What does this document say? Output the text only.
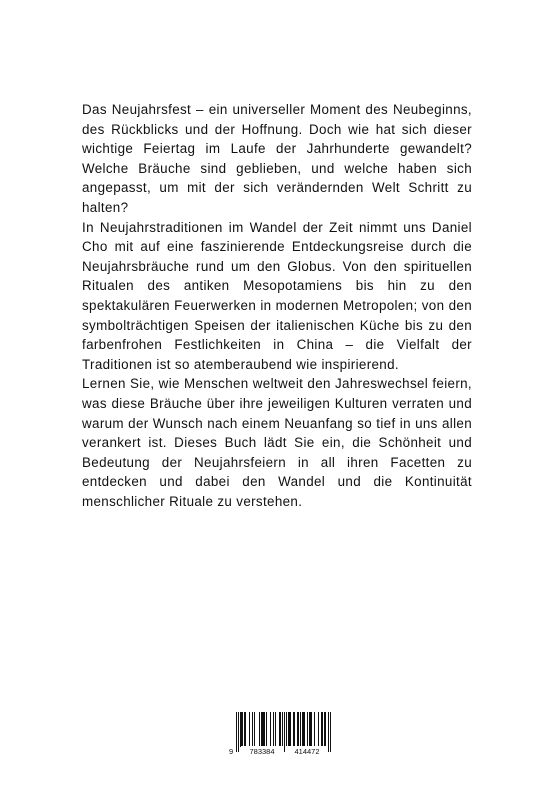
Das Neujahrsfest – ein universeller Moment des Neubeginns, des Rückblicks und der Hoffnung. Doch wie hat sich dieser wichtige Feiertag im Laufe der Jahrhunderte gewandelt? Welche Bräuche sind geblieben, und welche haben sich angepasst, um mit der sich verändernden Welt Schritt zu halten?

In Neujahrstraditionen im Wandel der Zeit nimmt uns Daniel Cho mit auf eine faszinierende Entdeckungsreise durch die Neujahrsbräuche rund um den Globus. Von den spirituellen Ritualen des antiken Mesopotamiens bis hin zu den spektakulären Feuerwerken in modernen Metropolen; von den symbolträchtigen Speisen der italienischen Küche bis zu den farbenfrohen Festlichkeiten in China – die Vielfalt der Traditionen ist so atemberaubend wie inspirierend.

Lernen Sie, wie Menschen weltweit den Jahreswechsel feiern, was diese Bräuche über ihre jeweiligen Kulturen verraten und warum der Wunsch nach einem Neuanfang so tief in uns allen verankert ist. Dieses Buch lädt Sie ein, die Schönheit und Bedeutung der Neujahrsfeiern in all ihren Facetten zu entdecken und dabei den Wandel und die Kontinuität menschlicher Rituale zu verstehen.

9	783384	414472
